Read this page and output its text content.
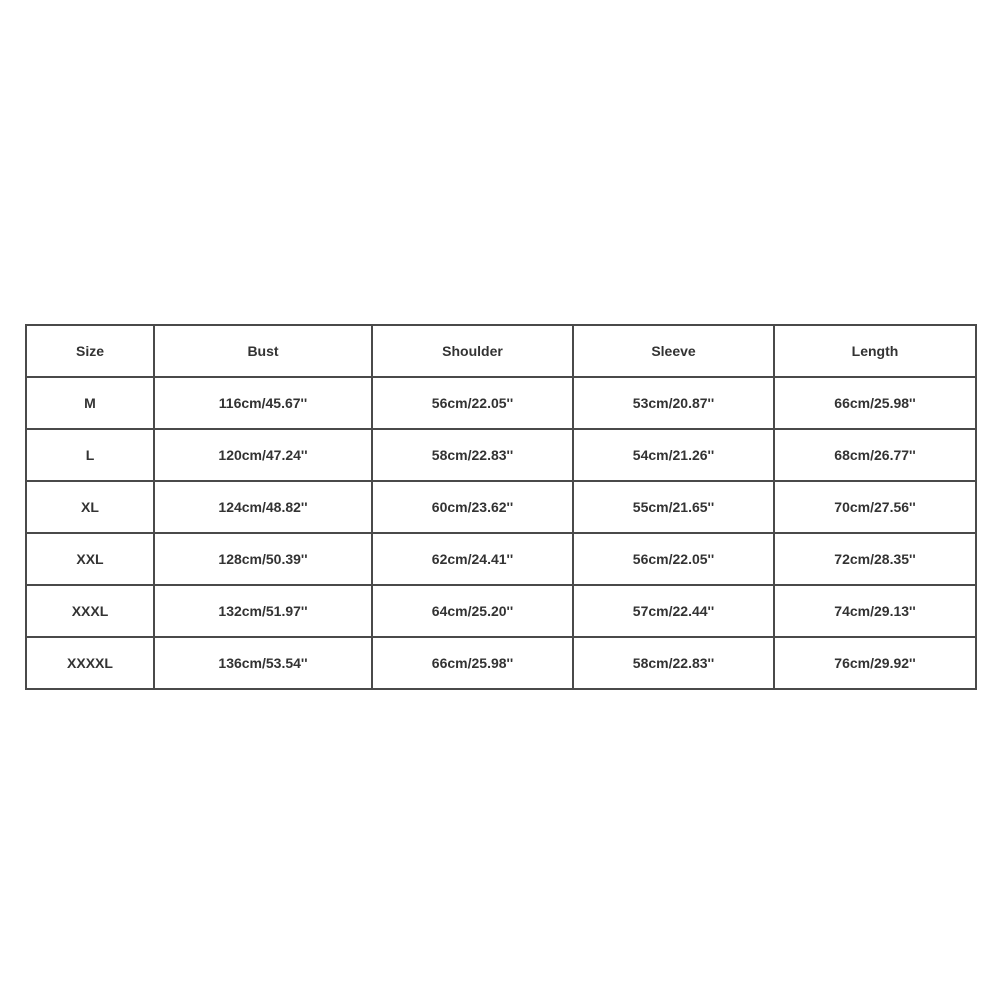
Size	Bust	Shoulder	Sleeve	Length
M	116cm/45.67''	56cm/22.05''	53cm/20.87''	66cm/25.98''
L	120cm/47.24''	58cm/22.83''	54cm/21.26''	68cm/26.77''
XL	124cm/48.82''	60cm/23.62''	55cm/21.65''	70cm/27.56''
XXL	128cm/50.39''	62cm/24.41''	56cm/22.05''	72cm/28.35''
XXXL	132cm/51.97''	64cm/25.20''	57cm/22.44''	74cm/29.13''
XXXXL	136cm/53.54''	66cm/25.98''	58cm/22.83''	76cm/29.92''
